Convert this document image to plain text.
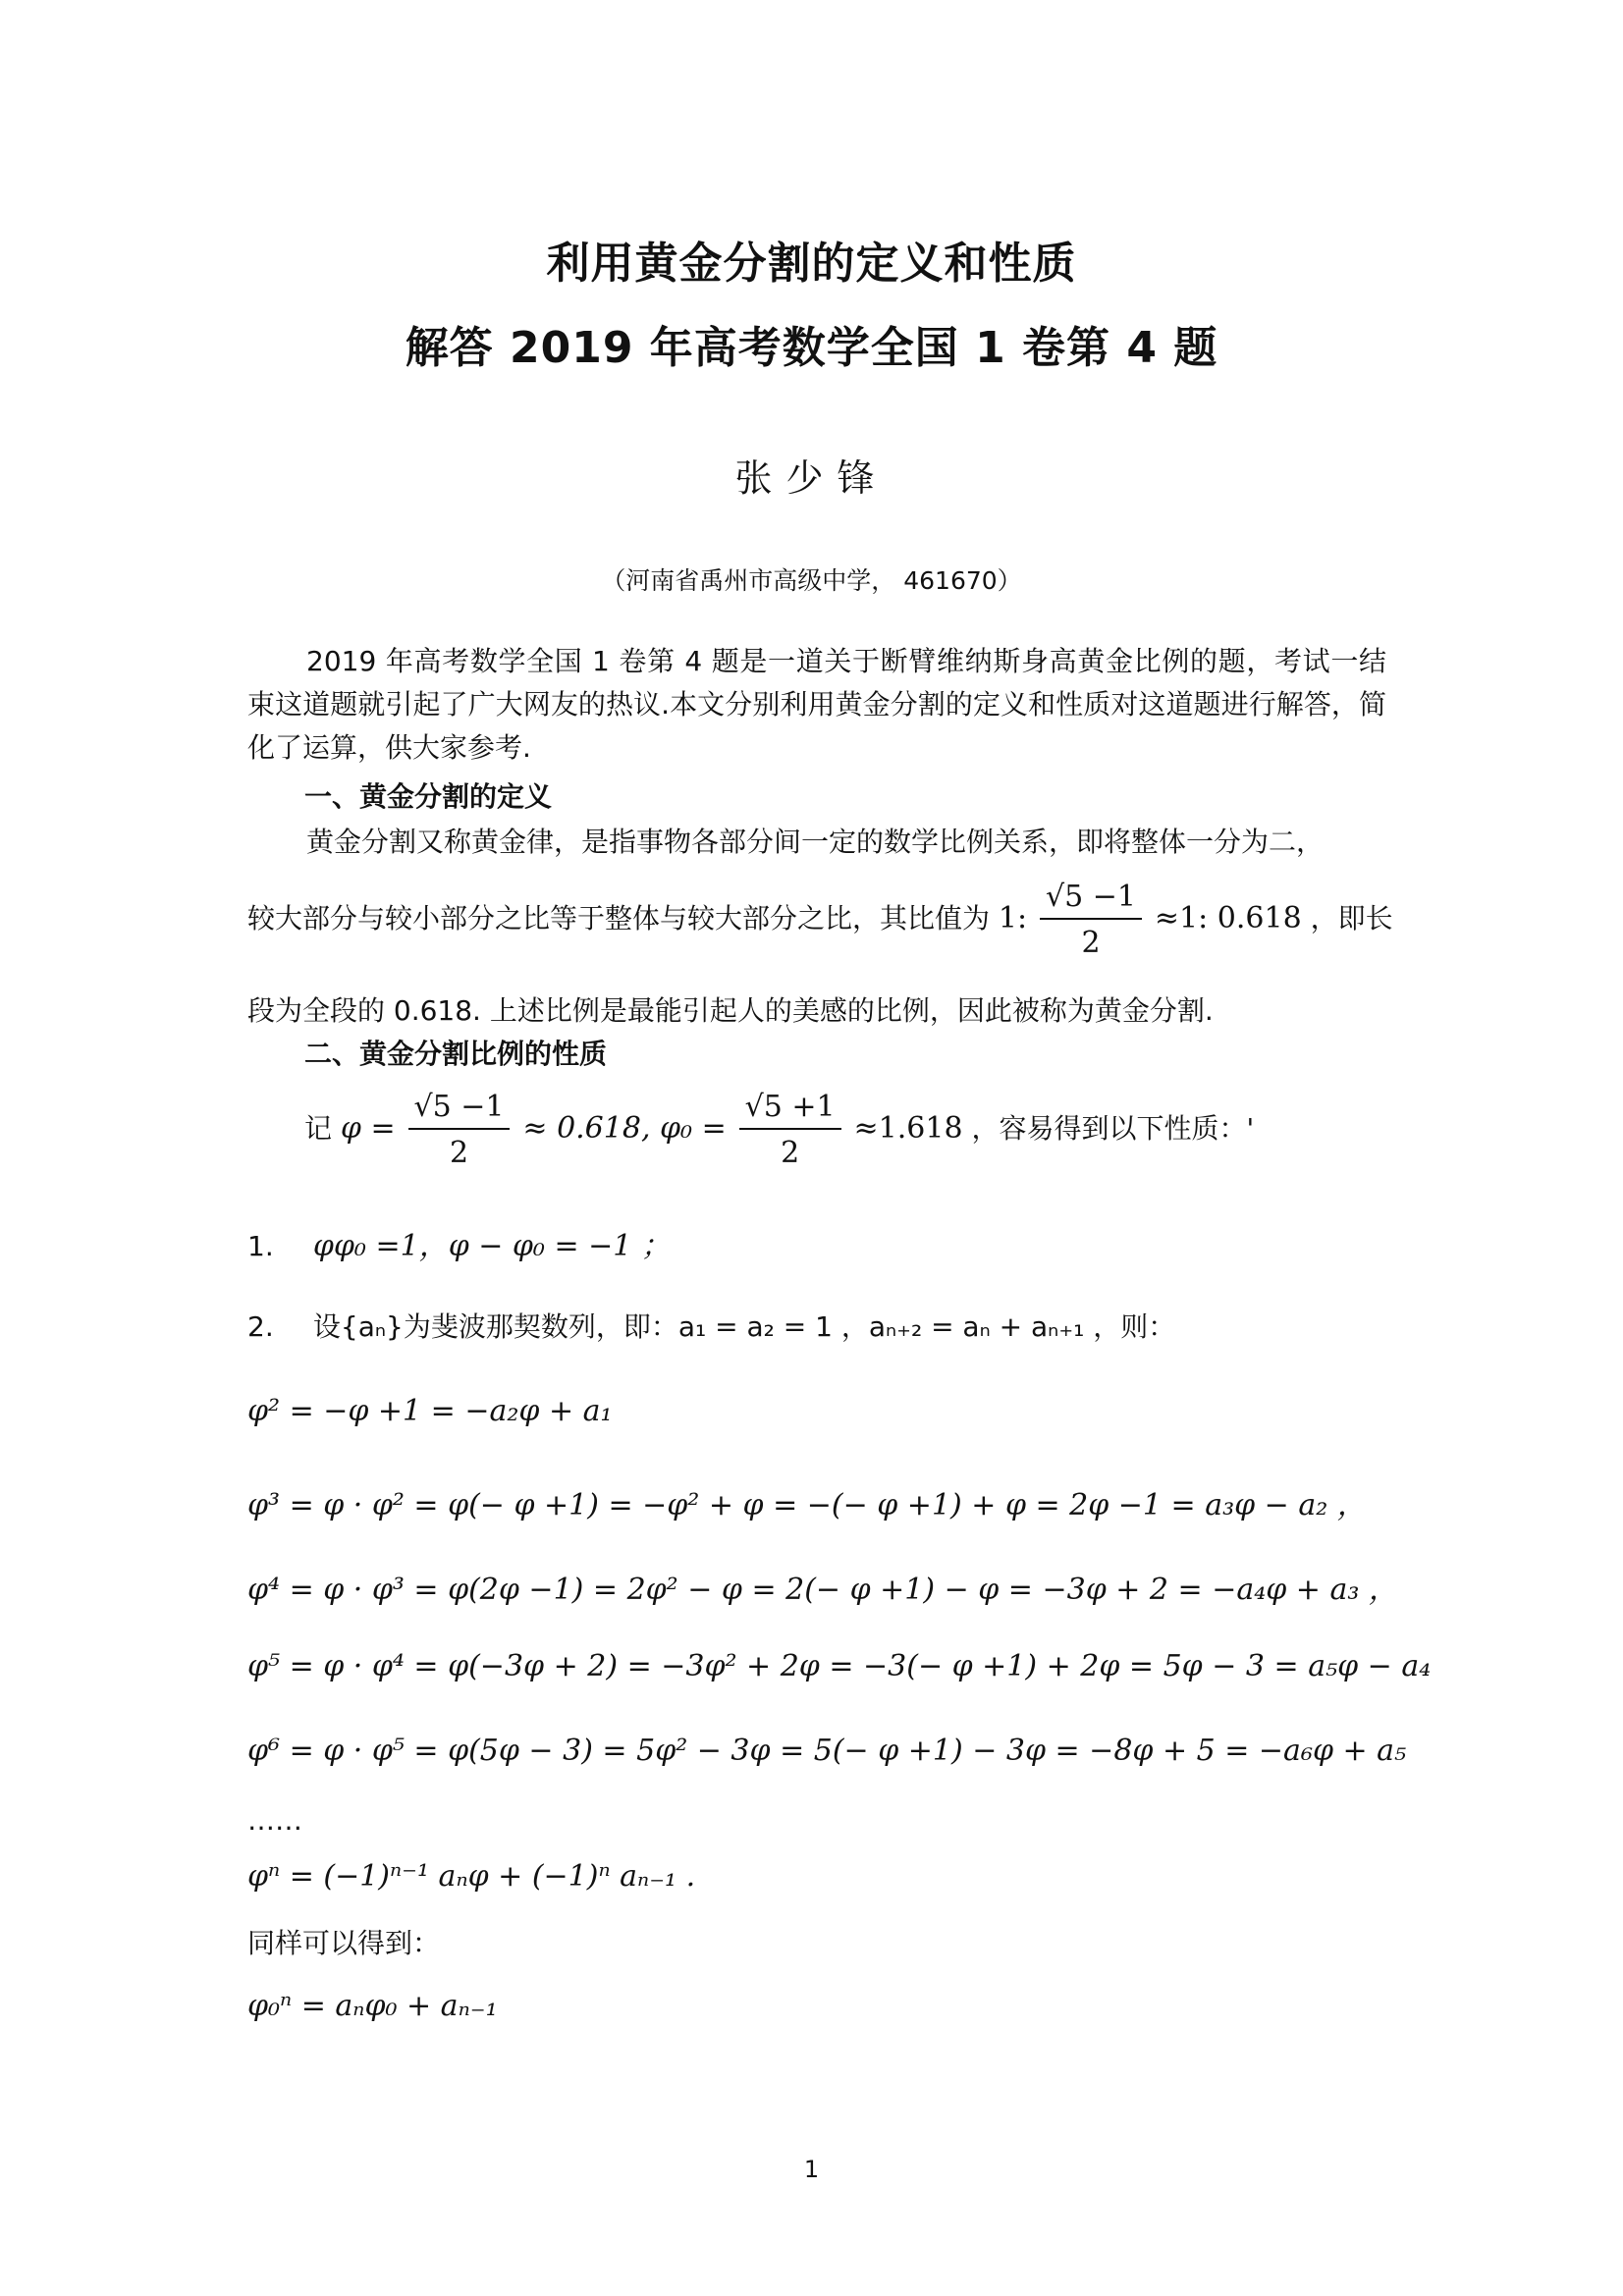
利用黄金分割的定义和性质
解答 2019 年高考数学全国 1 卷第 4 题
张少锋
（河南省禹州市高级中学， 461670）
2019 年高考数学全国 1 卷第 4 题是一道关于断臂维纳斯身高黄金比例的题，考试一结束这道题就引起了广大网友的热议.本文分别利用黄金分割的定义和性质对这道题进行解答，简化了运算，供大家参考.
一、黄金分割的定义
黄金分割又称黄金律，是指事物各部分间一定的数学比例关系，即将整体一分为二，
较大部分与较小部分之比等于整体与较大部分之比，其比值为 1: $\frac{√5 -1}{2} \approx 1$: 0.618 ，即长
段为全段的 0.618. 上述比例是最能引起人的美感的比例，因此被称为黄金分割.
二、黄金分割比例的性质
记 $\varphi = \frac{√5 -1}{2} \approx 0.618$, $\varphi_0 = \frac{√5 +1}{2} \approx 1.618$ ，容易得到以下性质：'
1. φφ₀ =1，φ − φ₀ = −1 ；
2. 设{aₙ}为斐波那契数列，即：a₁ = a₂ = 1 ，aₙ₊₂ = aₙ + aₙ₊₁ ，则：
φ² = −φ +1 = −a₂φ + a₁
φ³ = φ · φ² = φ(− φ +1) = −φ² + φ = −(− φ +1) + φ = 2φ −1 = a₃φ − a₂ ，
φ⁴ = φ · φ³ = φ(2φ −1) = 2φ² − φ = 2(− φ +1) − φ = −3φ + 2 = −a₄φ + a₃ ，
φ⁵ = φ · φ⁴ = φ(−3φ + 2) = −3φ² + 2φ = −3(− φ +1) + 2φ = 5φ − 3 = a₅φ − a₄
φ⁶ = φ · φ⁵ = φ(5φ − 3) = 5φ² − 3φ = 5(− φ +1) − 3φ = −8φ + 5 = −a₆φ + a₅
……
φⁿ = (−1)ⁿ⁻¹ aₙφ + (−1)ⁿ aₙ₋₁ .
同样可以得到：
φ₀ⁿ = aₙφ₀ + aₙ₋₁
1
